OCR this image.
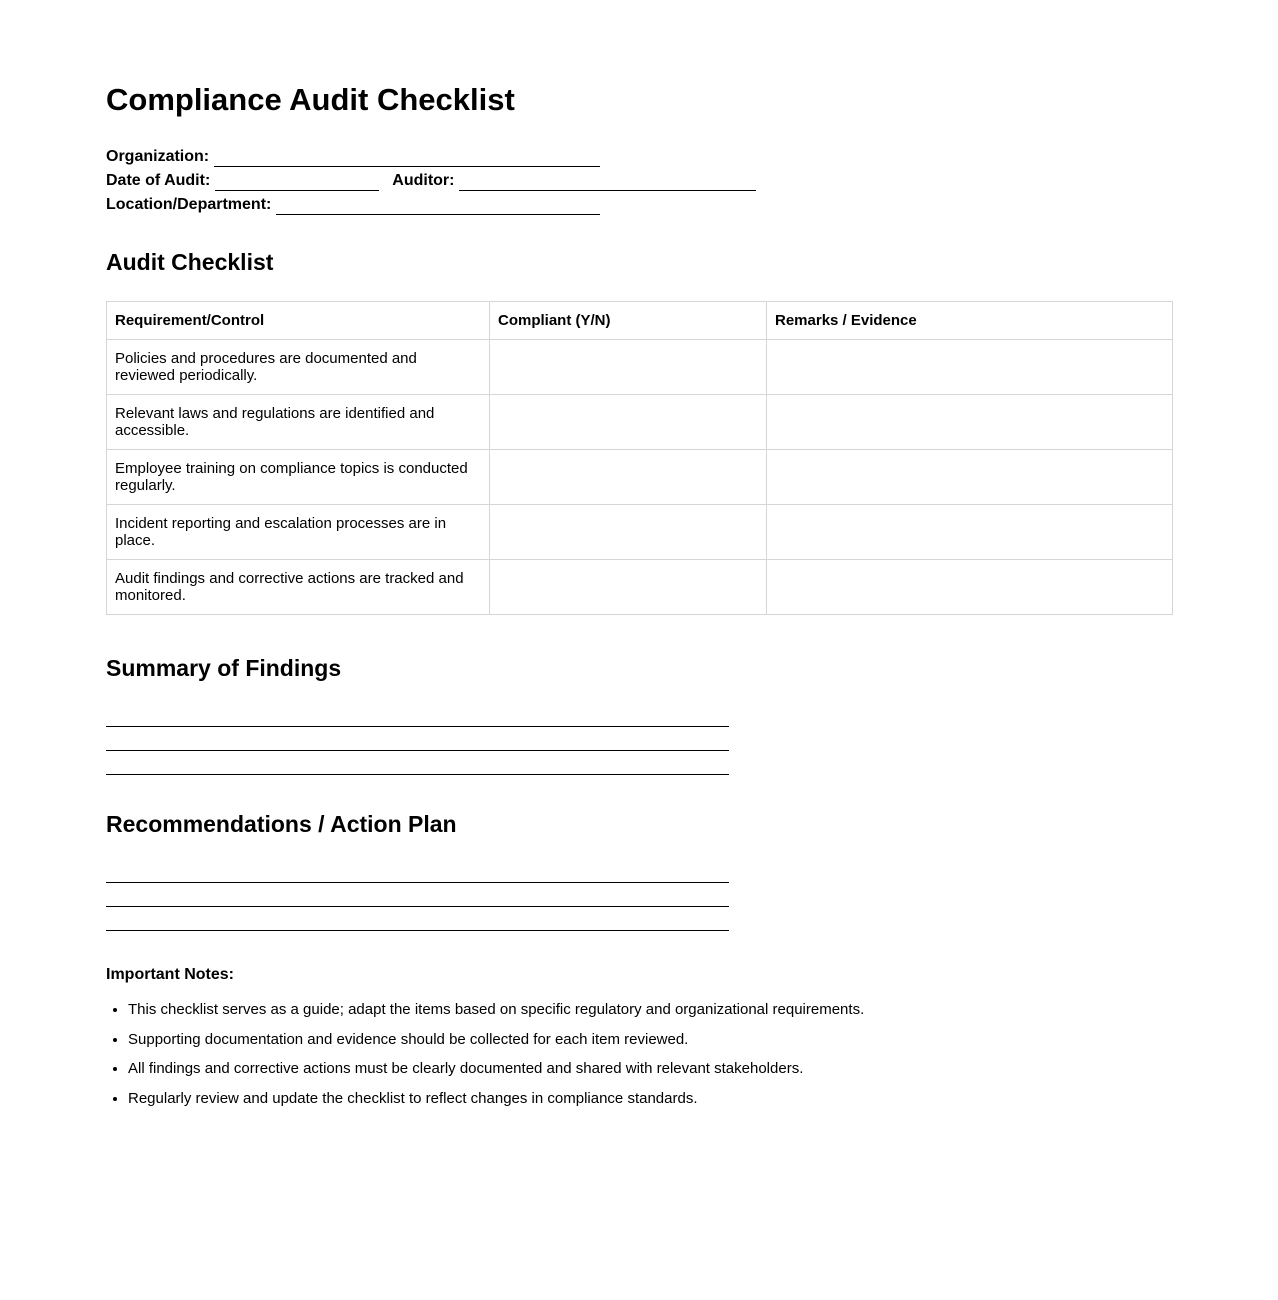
Compliance Audit Checklist
Organization:
Date of Audit:	Auditor:
Location/Department:
Audit Checklist
Requirement/Control	Compliant (Y/N)	Remarks / Evidence
Policies and procedures are documented and reviewed periodically.		
Relevant laws and regulations are identified and accessible.		
Employee training on compliance topics is conducted regularly.		
Incident reporting and escalation processes are in place.		
Audit findings and corrective actions are tracked and monitored.		
Summary of Findings
Recommendations / Action Plan
Important Notes:
• This checklist serves as a guide; adapt the items based on specific regulatory and organizational requirements.
• Supporting documentation and evidence should be collected for each item reviewed.
• All findings and corrective actions must be clearly documented and shared with relevant stakeholders.
• Regularly review and update the checklist to reflect changes in compliance standards.
